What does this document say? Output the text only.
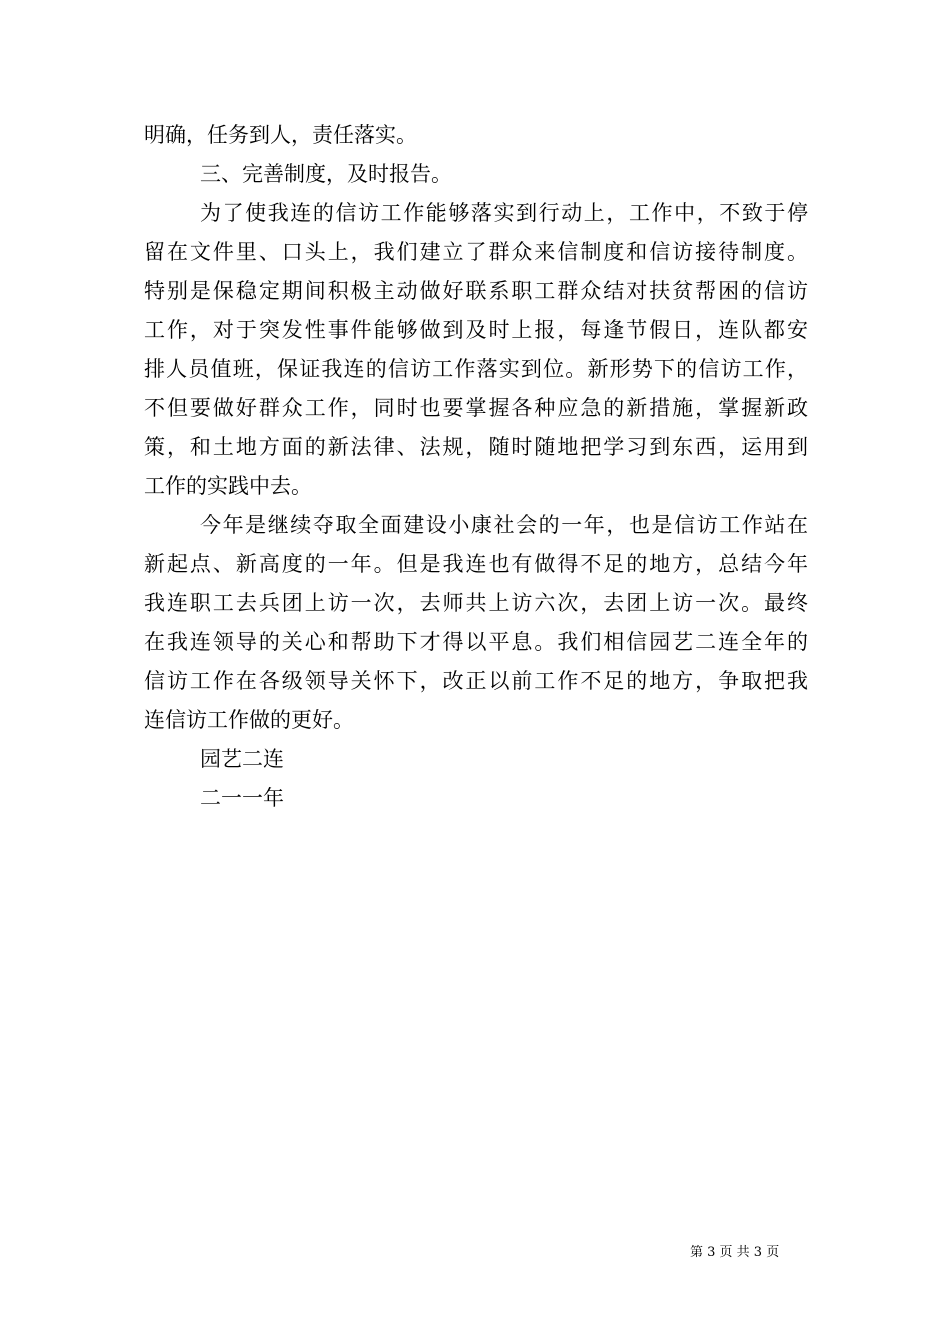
明确，任务到人，责任落实。
三、完善制度，及时报告。
为了使我连的信访工作能够落实到行动上，工作中，不致于停
留在文件里、口头上，我们建立了群众来信制度和信访接待制度。
特别是保稳定期间积极主动做好联系职工群众结对扶贫帮困的信访
工作，对于突发性事件能够做到及时上报，每逢节假日，连队都安
排人员值班，保证我连的信访工作落实到位。新形势下的信访工作，
不但要做好群众工作，同时也要掌握各种应急的新措施，掌握新政
策，和土地方面的新法律、法规，随时随地把学习到东西，运用到
工作的实践中去。
今年是继续夺取全面建设小康社会的一年，也是信访工作站在
新起点、新高度的一年。但是我连也有做得不足的地方，总结今年
我连职工去兵团上访一次，去师共上访六次，去团上访一次。最终
在我连领导的关心和帮助下才得以平息。我们相信园艺二连全年的
信访工作在各级领导关怀下，改正以前工作不足的地方，争取把我
连信访工作做的更好。
园艺二连
二一一年
第 3 页 共 3 页
